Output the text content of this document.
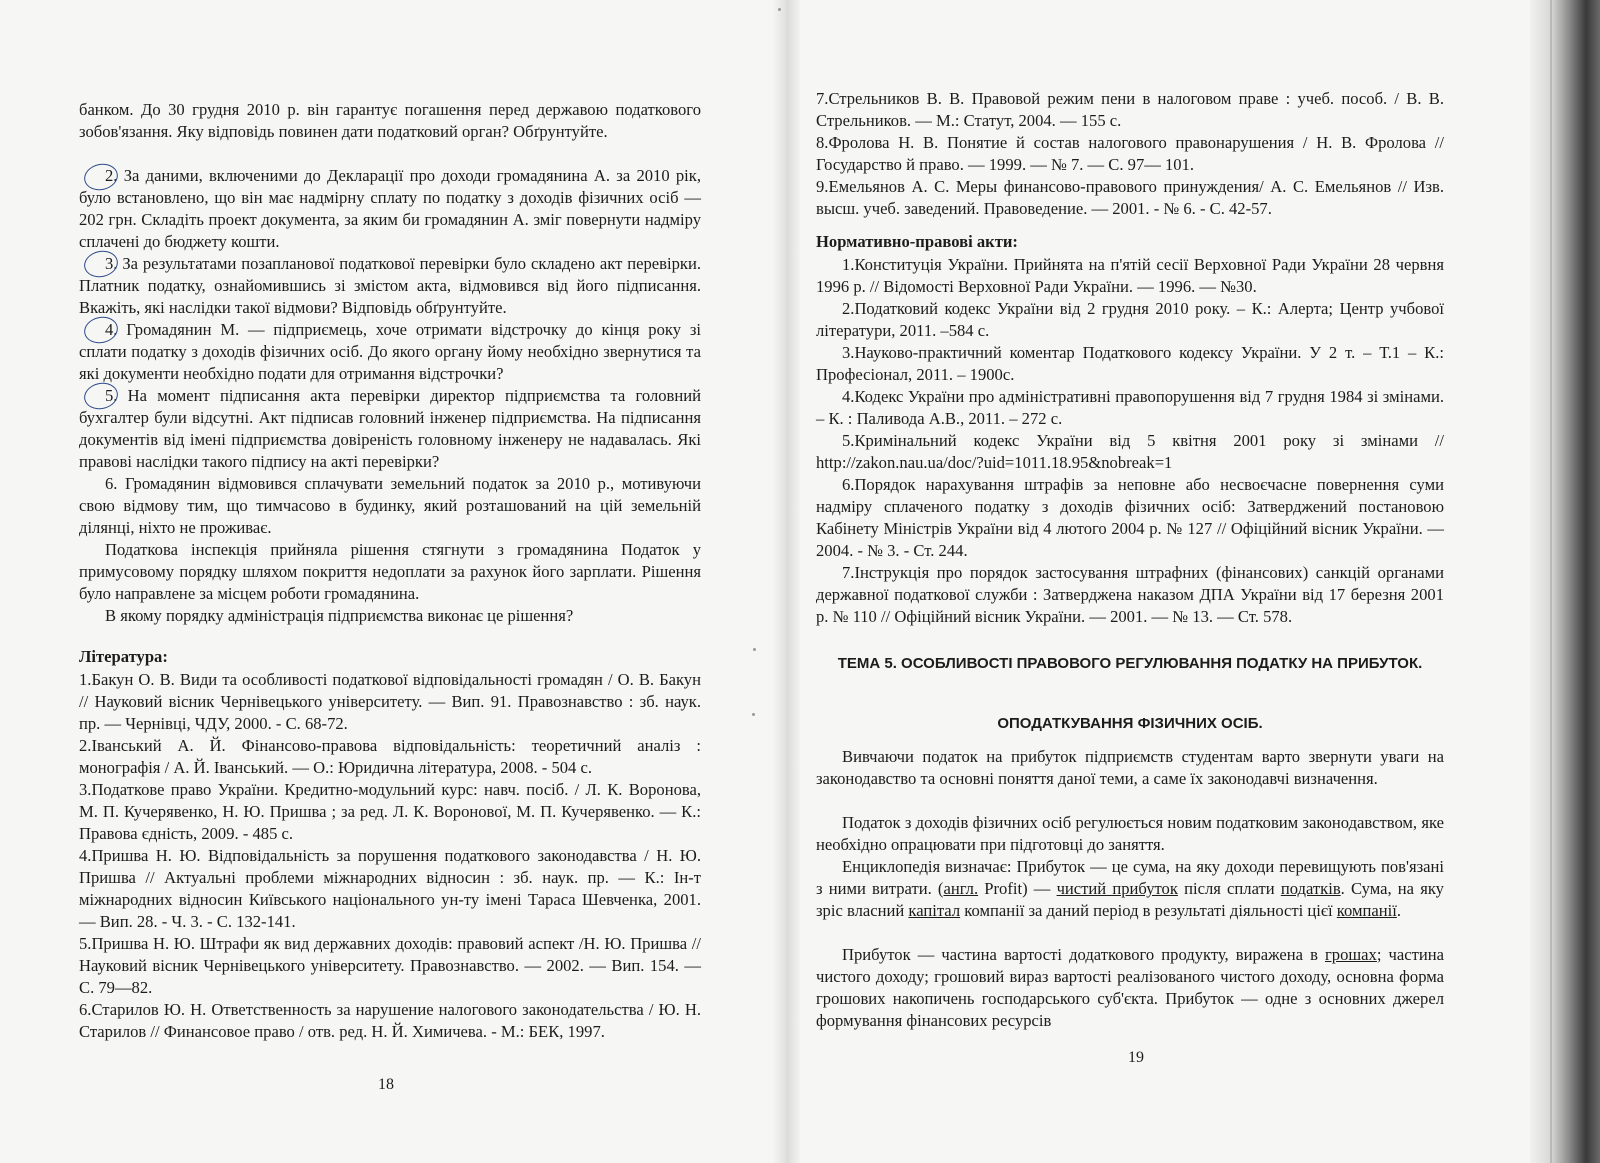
банком. До 30 грудня 2010 р. він гарантує погашення перед державою податкового зобов'язання. Яку відповідь повинен дати податковий орган? Обґрунтуйте.
2. За даними, включеними до Декларації про доходи громадянина А. за 2010 рік, було встановлено, що він має надмірну сплату по податку з доходів фізичних осіб — 202 грн. Складіть проект документа, за яким би громадянин А. зміг повернути надміру сплачені до бюджету кошти.
3. За результатами позапланової податкової перевірки було складено акт перевірки. Платник податку, ознайомившись зі змістом акта, відмовився від його підписання. Вкажіть, які наслідки такої відмови? Відповідь обґрунтуйте.
4. Громадянин М. — підприємець, хоче отримати відстрочку до кінця року зі сплати податку з доходів фізичних осіб. До якого органу йому необхідно звернутися та які документи необхідно подати для отримання відстрочки?
5. На момент підписання акта перевірки директор підприємства та головний бухгалтер були відсутні. Акт підписав головний інженер підприємства. На підписання документів від імені підприємства довіреність головному інженеру не надавалась. Які правові наслідки такого підпису на акті перевірки?
6. Громадянин відмовився сплачувати земельний податок за 2010 р., мотивуючи свою відмову тим, що тимчасово в будинку, який розташований на цій земельній ділянці, ніхто не проживає.
Податкова інспекція прийняла рішення стягнути з громадянина Податок у примусовому порядку шляхом покриття недоплати за рахунок його зарплати. Рішення було направлене за місцем роботи громадянина.
В якому порядку адміністрація підприємства виконає це рішення?
Література:
1.Бакун О. В. Види та особливості податкової відповідальності громадян / О. В. Бакун // Науковий вісник Чернівецького університету. — Вип. 91. Правознавство : зб. наук. пр. — Чернівці, ЧДУ, 2000. - С. 68-72.
2.Іванський А. Й. Фінансово-правова відповідальність: теоретичний аналіз : монографія / А. Й. Іванський. — О.: Юридична література, 2008. - 504 с.
3.Податкове право України. Кредитно-модульний курс: навч. посіб. / Л. К. Воронова, М. П. Кучерявенко, Н. Ю. Пришва ; за ред. Л. К. Воронової, М. П. Кучерявенко. — К.: Правова єдність, 2009. - 485 с.
4.Пришва Н. Ю. Відповідальність за порушення податкового законодавства / Н. Ю. Пришва // Актуальні проблеми міжнародних відносин : зб. наук. пр. — К.: Ін-т міжнародних відносин Київського національного ун-ту імені Тараса Шевченка, 2001. — Вип. 28. - Ч. 3. - С. 132-141.
5.Пришва Н. Ю. Штрафи як вид державних доходів: правовий аспект /Н. Ю. Пришва // Науковий вісник Чернівецького університету. Правознавство. — 2002. — Вип. 154. — С. 79—82.
6.Старилов Ю. Н. Ответственность за нарушение налогового законодательства / Ю. Н. Старилов // Финансовое право / отв. ред. Н. Й. Химичева. - М.: БЕК, 1997.
18
7.Стрельников В. В. Правовой режим пени в налоговом праве : учеб. пособ. / В. В. Стрельников. — М.: Статут, 2004. — 155 с.
8.Фролова Н. В. Понятие й состав налогового правонарушения / Н. В. Фролова // Государство й право. — 1999. — № 7. — С. 97— 101.
9.Емельянов А. С. Меры финансово-правового принуждения/ А. С. Емельянов // Изв. высш. учеб. заведений. Правоведение. — 2001. - № 6. - С. 42-57.
Нормативно-правові акти:
1.Конституція України. Прийнята на п'ятій сесії Верховної Ради України 28 червня 1996 р. // Відомості Верховної Ради України. — 1996. — №30.
2.Податковий кодекс України від 2 грудня 2010 року. – К.: Алерта; Центр учбової літератури, 2011. –584 с.
3.Науково-практичний коментар Податкового кодексу України. У 2 т. – Т.1 – К.: Професіонал, 2011. – 1900с.
4.Кодекс України про адміністративні правопорушення від 7 грудня 1984 зі змінами. – К. : Паливода А.В., 2011. – 272 с.
5.Кримінальний кодекс України від 5 квітня 2001 року зі змінами // http://zakon.nau.ua/doc/?uid=1011.18.95&nobreak=1
6.Порядок нарахування штрафів за неповне або несвоєчасне повернення суми надміру сплаченого податку з доходів фізичних осіб: Затверджений постановою Кабінету Міністрів України від 4 лютого 2004 р. № 127 // Офіційний вісник України. — 2004. - № 3. - Ст. 244.
7.Інструкція про порядок застосування штрафних (фінансових) санкцій органами державної податкової служби : Затверджена наказом ДПА України від 17 березня 2001 р. № 110 // Офіційний вісник України. — 2001. — № 13. — Ст. 578.
ТЕМА 5. ОСОБЛИВОСТІ ПРАВОВОГО РЕГУЛЮВАННЯ ПОДАТКУ НА ПРИБУТОК.
ОПОДАТКУВАННЯ ФІЗИЧНИХ ОСІБ.
Вивчаючи податок на прибуток підприємств студентам варто звернути уваги на законодавство та основні поняття даної теми, а саме їх законодавчі визначення.
Податок з доходів фізичних осіб регулюється новим податковим законодавством, яке необхідно опрацювати при підготовці до заняття.
Енциклопедія визначає: Прибуток — це сума, на яку доходи перевищують пов'язані з ними витрати. (англ. Profit) — чистий прибуток після сплати податків. Сума, на яку зріс власний капітал компанії за даний період в результаті діяльності цієї компанії.
Прибуток — частина вартості додаткового продукту, виражена в грошах; частина чистого доходу; грошовий вираз вартості реалізованого чистого доходу, основна форма грошових накопичень господарського суб'єкта. Прибуток — одне з основних джерел формування фінансових ресурсів
19
